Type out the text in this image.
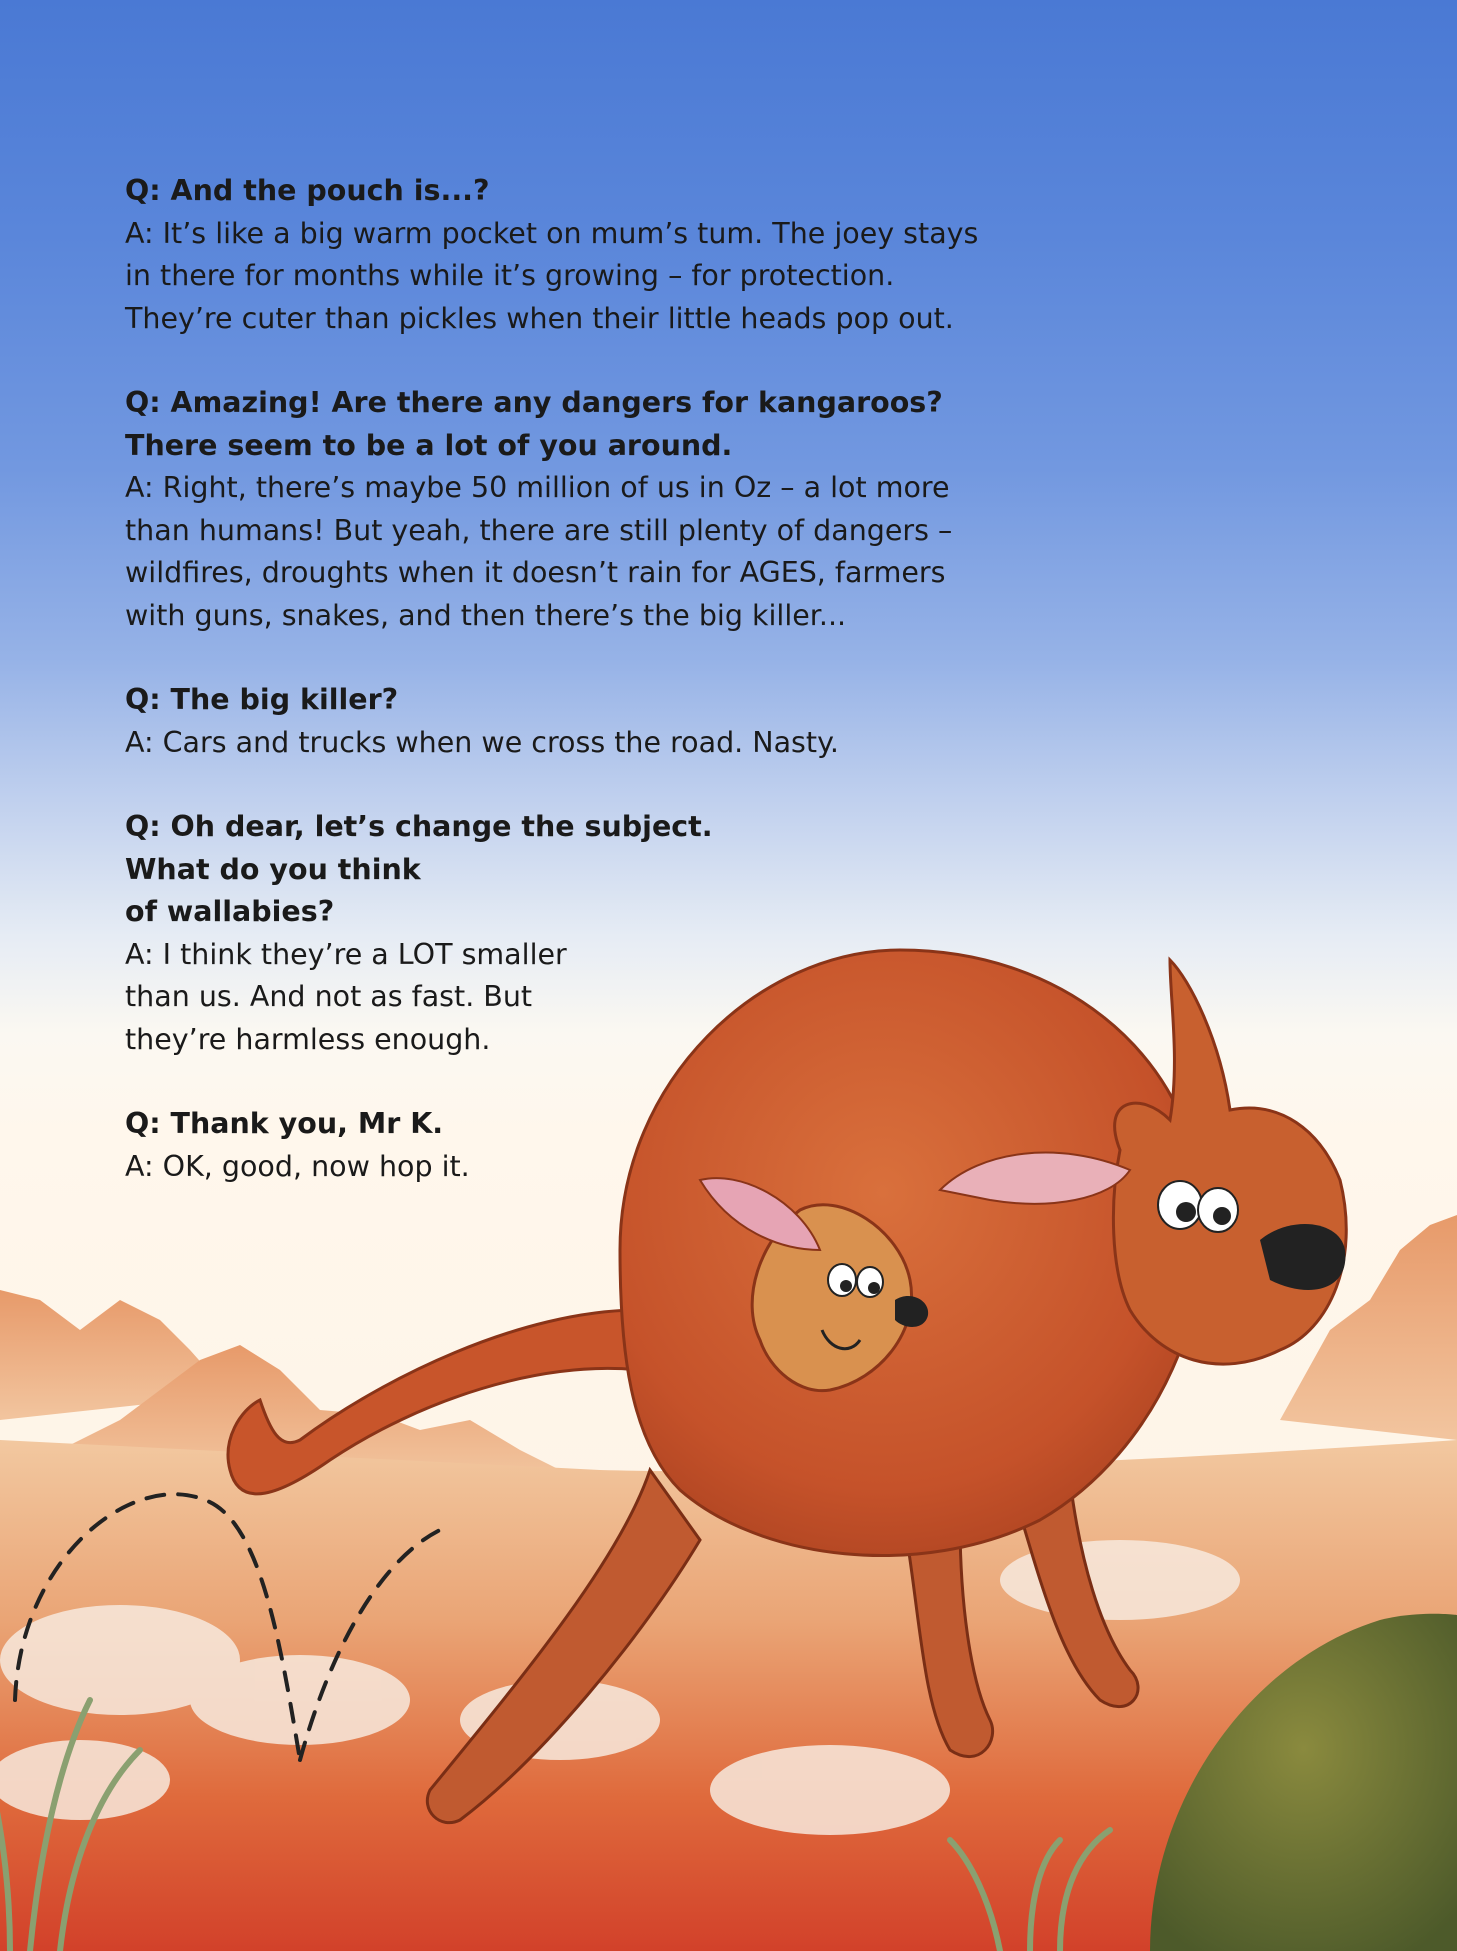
Q: And the pouch is...?
A: It’s like a big warm pocket on mum’s tum. The joey stays
in there for months while it’s growing – for protection.
They’re cuter than pickles when their little heads pop out.
Q: Amazing! Are there any dangers for kangaroos?
There seem to be a lot of you around.
A: Right, there’s maybe 50 million of us in Oz – a lot more
than humans! But yeah, there are still plenty of dangers –
wildfires, droughts when it doesn’t rain for AGES, farmers
with guns, snakes, and then there’s the big killer...
Q: The big killer?
A: Cars and trucks when we cross the road. Nasty.
Q: Oh dear, let’s change the subject.
What do you think
of wallabies?
A: I think they’re a LOT smaller
than us. And not as fast. But
they’re harmless enough.
Q: Thank you, Mr K.
A: OK, good, now hop it.
